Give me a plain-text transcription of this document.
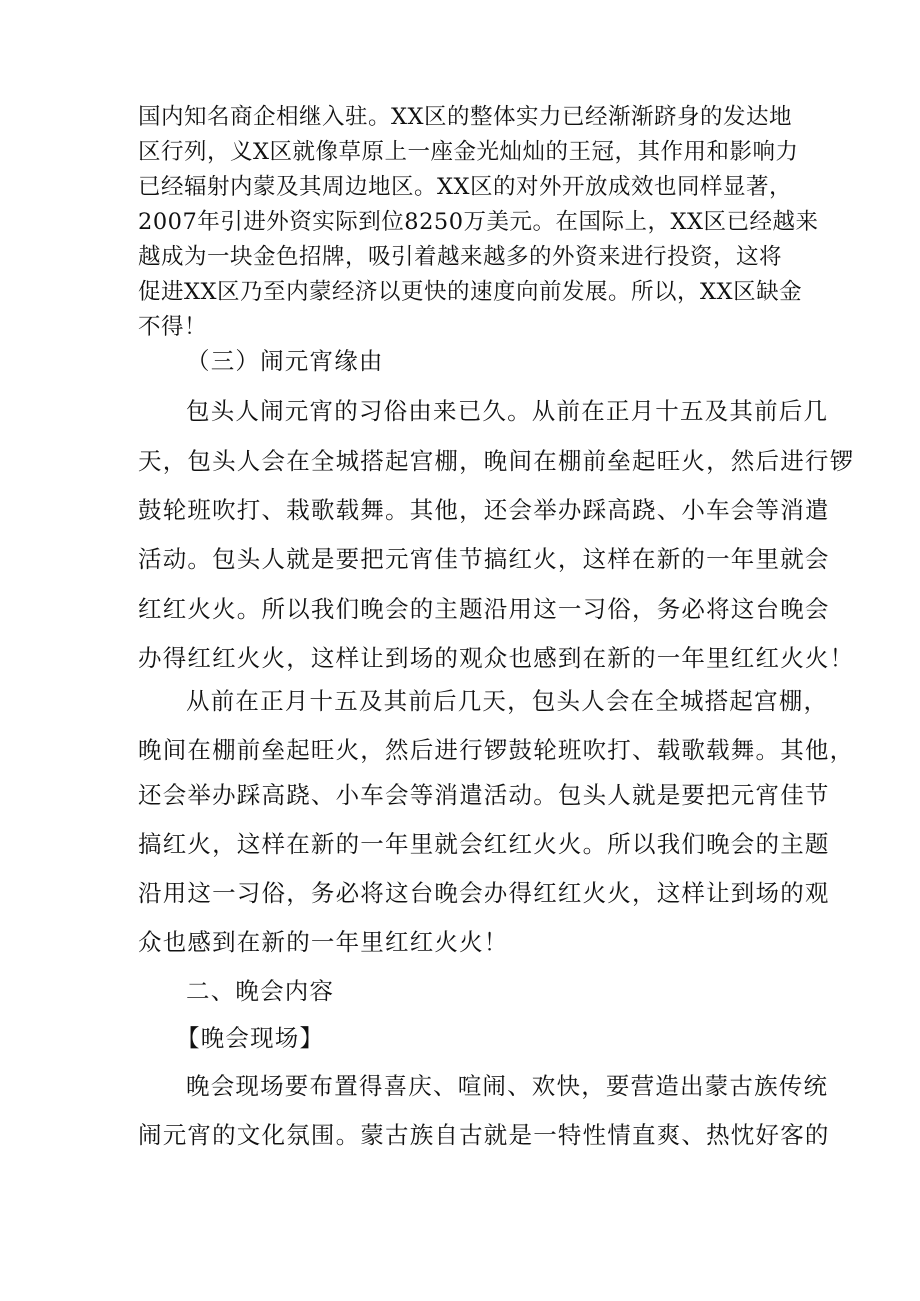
国内知名商企相继入驻。XX区的整体实力已经渐渐跻身的发达地
区行列，义X区就像草原上一座金光灿灿的王冠，其作用和影响力
已经辐射内蒙及其周边地区。XX区的对外开放成效也同样显著，
2007年引进外资实际到位8250万美元。在国际上，XX区已经越来
越成为一块金色招牌，吸引着越来越多的外资来进行投资，这将
促进XX区乃至内蒙经济以更快的速度向前发展。所以，XX区缺金
不得！
（三）闹元宵缘由
包头人闹元宵的习俗由来已久。从前在正月十五及其前后几
天，包头人会在全城搭起宫棚，晚间在棚前垒起旺火，然后进行锣
鼓轮班吹打、栽歌载舞。其他，还会举办踩高跷、小车会等消遣
活动。包头人就是要把元宵佳节搞红火，这样在新的一年里就会
红红火火。所以我们晚会的主题沿用这一习俗，务必将这台晚会
办得红红火火，这样让到场的观众也感到在新的一年里红红火火！
从前在正月十五及其前后几天，包头人会在全城搭起宫棚，
晚间在棚前垒起旺火，然后进行锣鼓轮班吹打、载歌载舞。其他，
还会举办踩高跷、小车会等消遣活动。包头人就是要把元宵佳节
搞红火，这样在新的一年里就会红红火火。所以我们晚会的主题
沿用这一习俗，务必将这台晚会办得红红火火，这样让到场的观
众也感到在新的一年里红红火火！
二、晚会内容
【晚会现场】
晚会现场要布置得喜庆、喧闹、欢快，要营造出蒙古族传统
闹元宵的文化氛围。蒙古族自古就是一特性情直爽、热忱好客的
